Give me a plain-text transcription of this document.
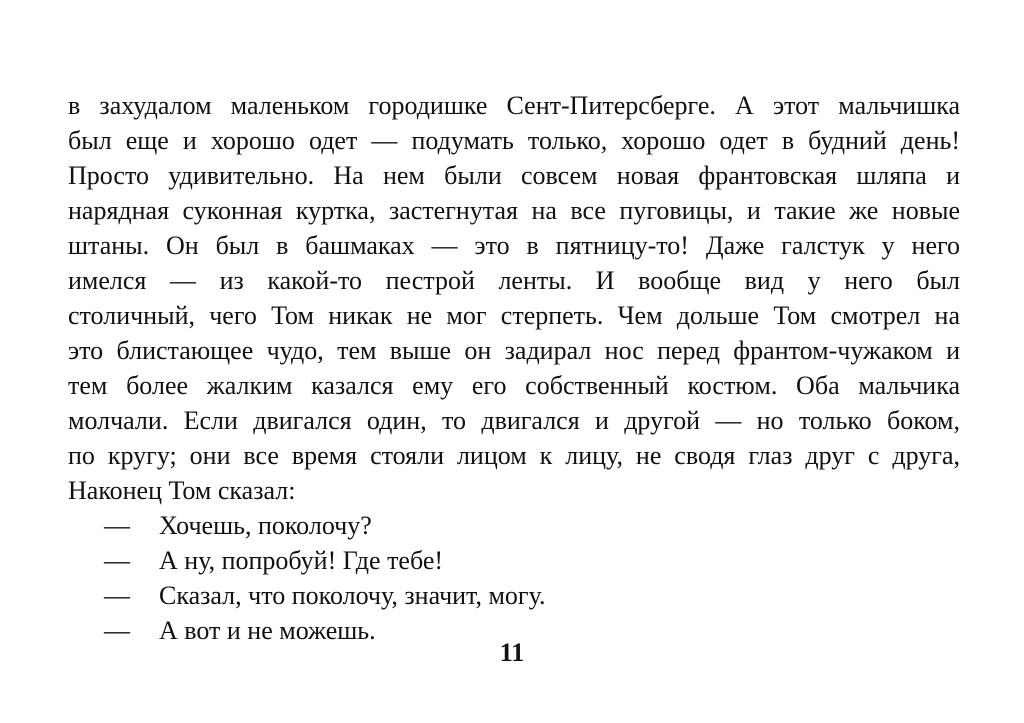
в захудалом маленьком городишке Сент-Питерсберге. А этот мальчишка
был еще и хорошо одет — подумать только, хорошо одет в будний день!
Просто удивительно. На нем были совсем новая франтовская шляпа и
нарядная суконная куртка, застегнутая на все пуговицы, и такие же новые
штаны. Он был в башмаках — это в пятницу-то! Даже галстук у него
имелся — из какой-то пестрой ленты. И вообще вид у него был
столичный, чего Том никак не мог стерпеть. Чем дольше Том смотрел на
это блистающее чудо, тем выше он задирал нос перед франтом-чужаком и
тем более жалким казался ему его собственный костюм. Оба мальчика
молчали. Если двигался один, то двигался и другой — но только боком,
по кругу; они все время стояли лицом к лицу, не сводя глаз друг с друга,
Наконец Том сказал:
— Хочешь, поколочу?
— А ну, попробуй! Где тебе!
— Сказал, что поколочу, значит, могу.
— А вот и не можешь.
11
